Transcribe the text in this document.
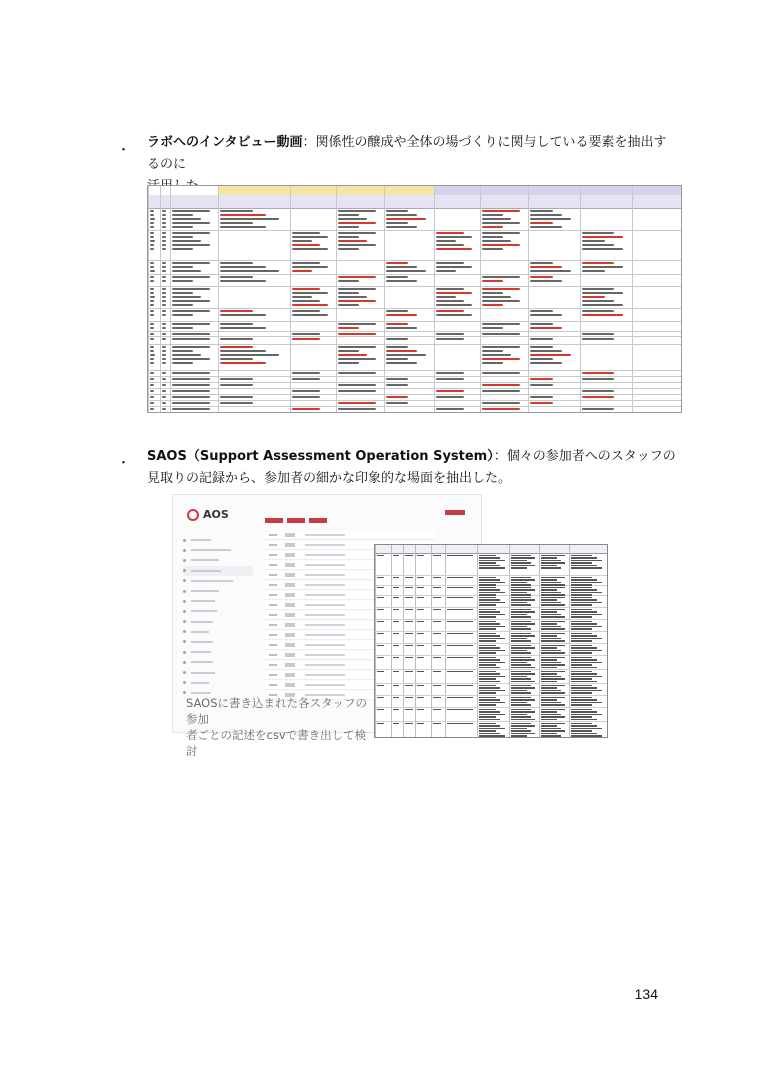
・
ラボへのインタビュー動画：関係性の醸成や全体の場づくりに関与している要素を抽出するのに

・ SAOS（Support Assessment Operation System）：個々の参加者へのスタッフの
見取りの記録から、参加者の細かな印象的な場面を抽出した。
AOS
SAOSに書き込まれた各スタッフの参加
者ごとの記述をcsvで書き出して検討
134
